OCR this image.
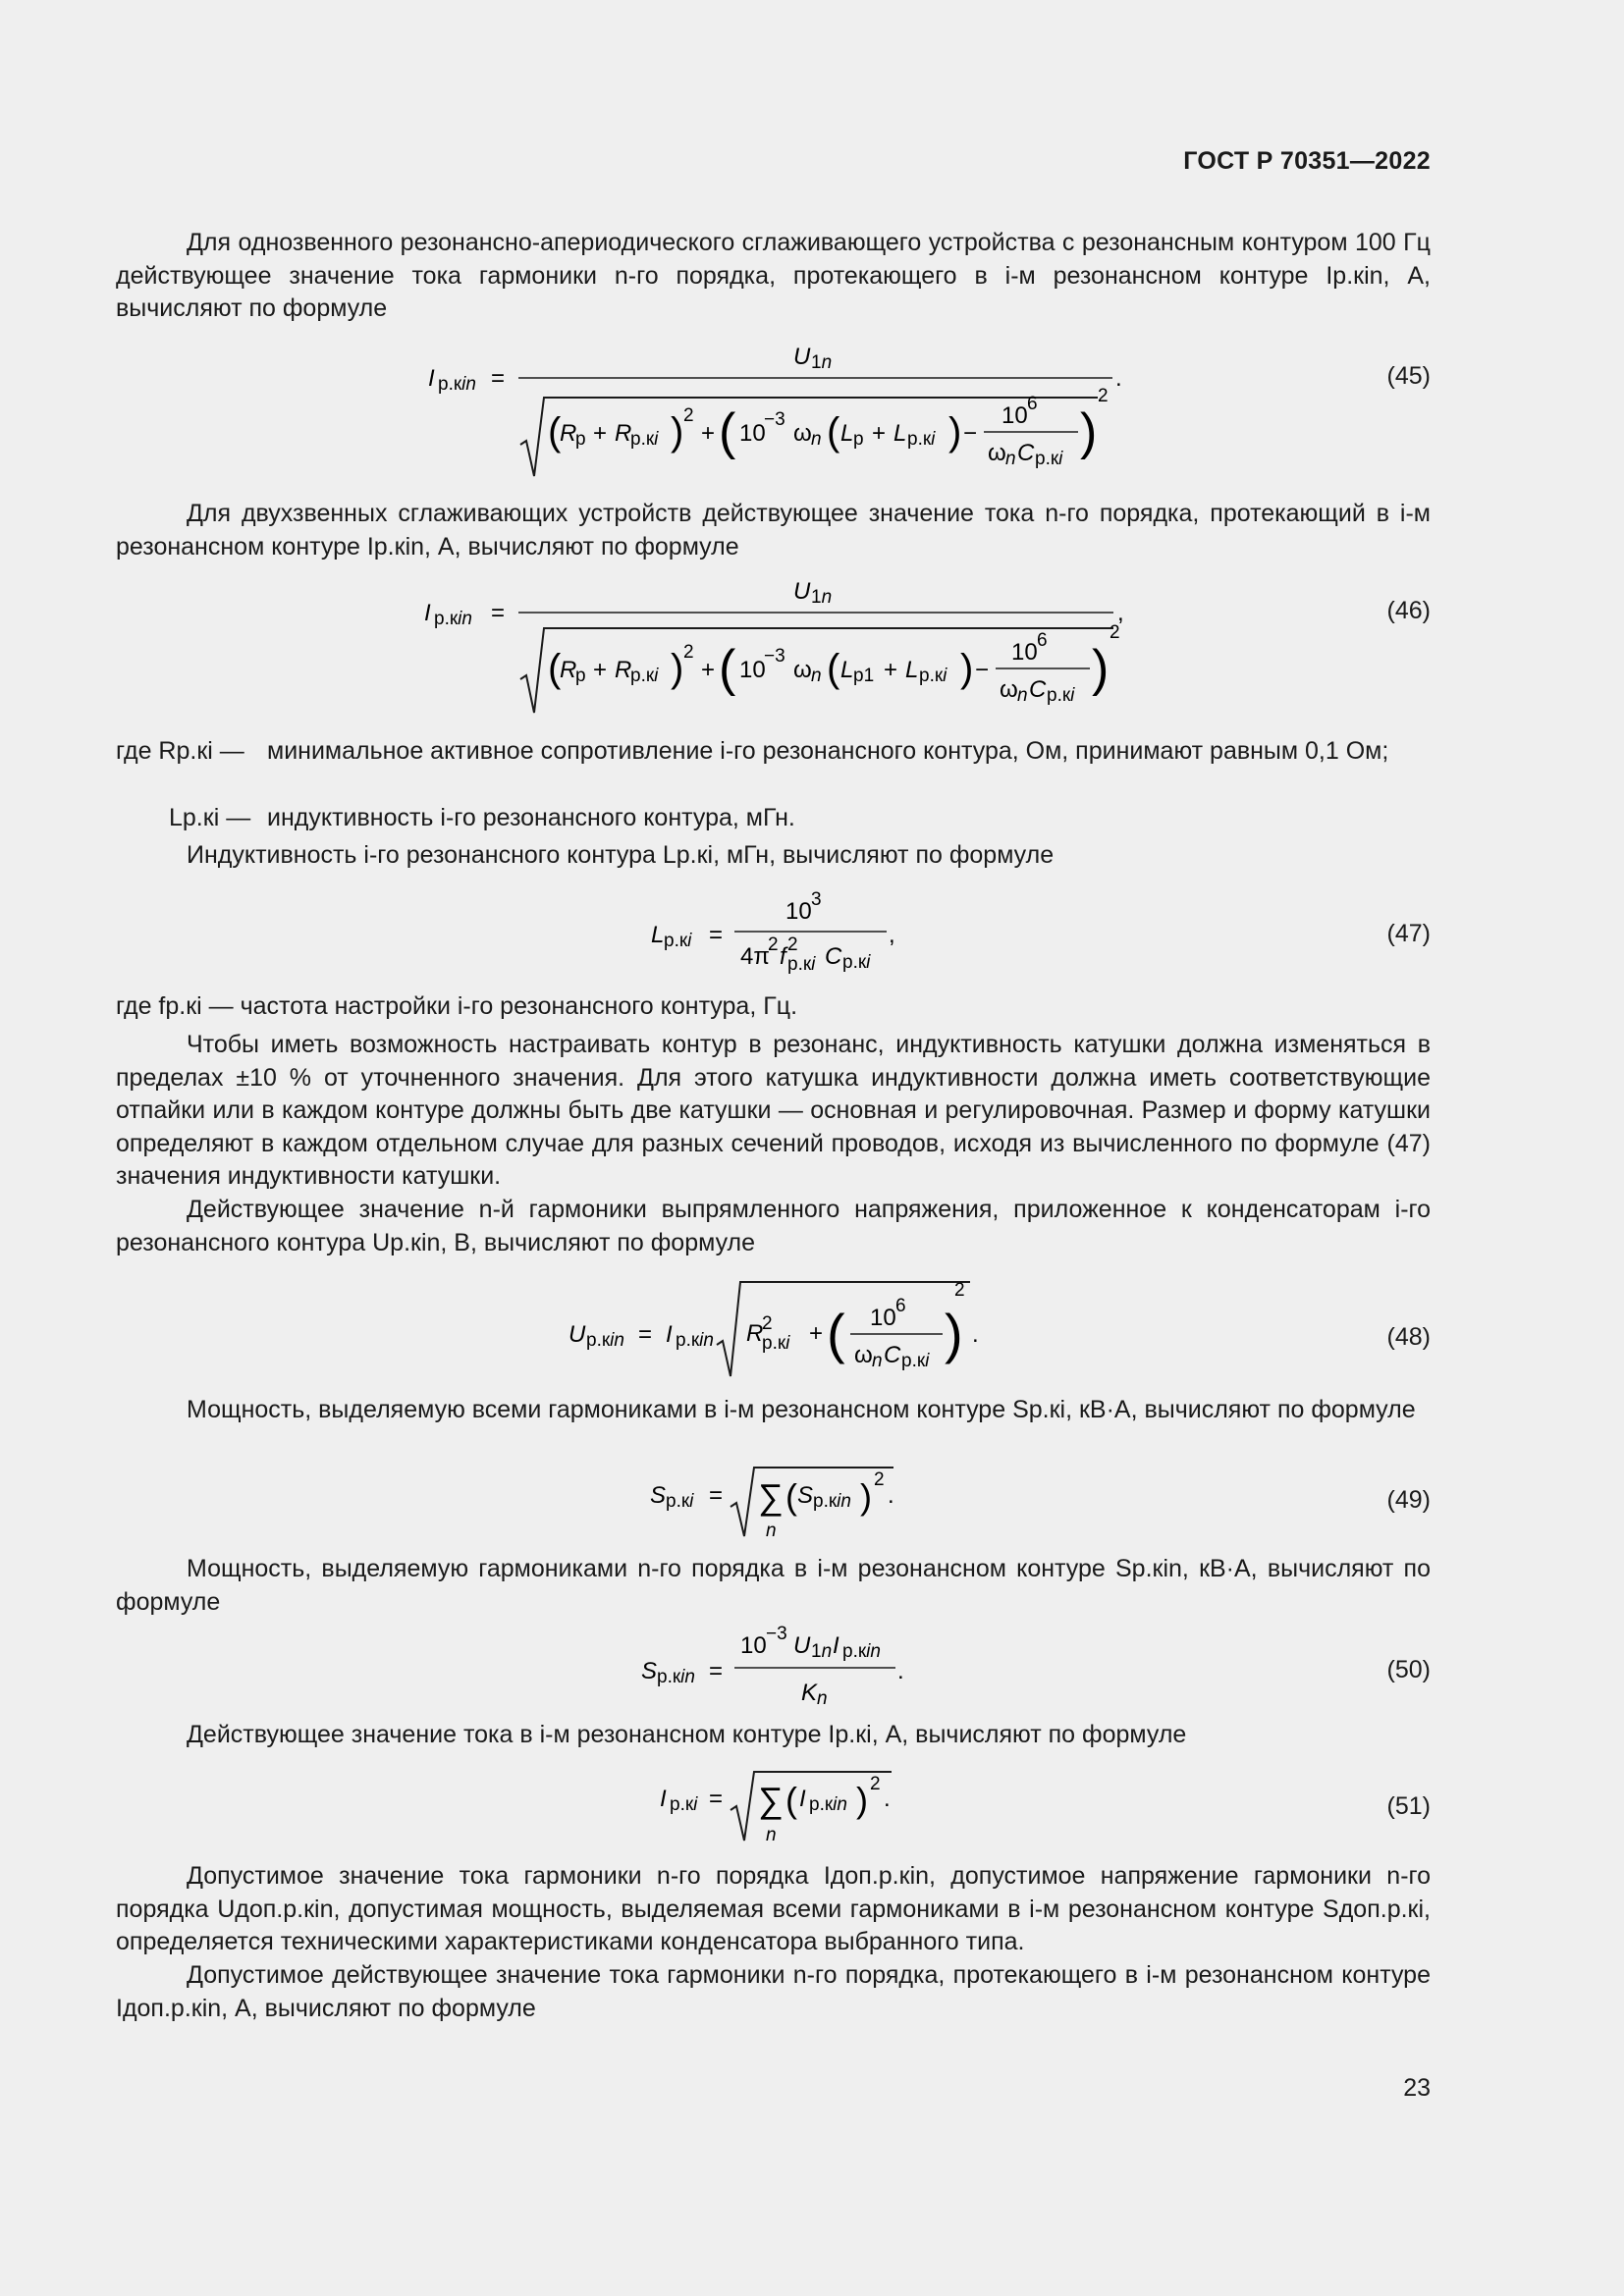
ГОСТ Р 70351—2022

Для однозвенного резонансно-апериодического сглаживающего устройства с резонансным контуром 100 Гц действующее значение тока гармоники n-го порядка, протекающего в i-м резонансном контуре Iр.кin, А, вычисляют по формуле

I р.кin =
U 1n
(
R
р + R
р.кi ) 2
+ ( 10
−3
ω n ( L р + L р.кi ) −
10 6
ω n C р.кi )
2
.	(45)

Для двухзвенных сглаживающих устройств действующее значение тока n-го порядка, протекающий в i-м резонансном контуре Iр.кin, А, вычисляют по формуле

I р.кin =
U 1n
(
R
р + R
р.кi ) 2
+ ( 10
−3
ω n ( L р1 + L р.кi ) −
10 6
ω n C р.кi )
2
,	(46)
где Rр.кi — минимальное активное сопротивление i-го резонансного контура, Ом, принимают равным 0,1 Ом;
Lр.кi — индуктивность i-го резонансного контура, мГн.

Индуктивность i-го резонансного контура Lр.кi, мГн, вычисляют по формуле

L р.кi =
10 3
4π
2 f 2
р.кi C р.кi
,	(47)
где fр.кi — частота настройки i-го резонансного контура, Гц.

Чтобы иметь возможность настраивать контур в резонанс, индуктивность катушки должна изменяться в пределах ±10 % от уточненного значения. Для этого катушка индуктивности должна иметь соответствующие отпайки или в каждом контуре должны быть две катушки — основная и регулировочная. Размер и форму катушки определяют в каждом отдельном случае для разных сечений проводов, исходя из вычисленного по формуле (47) значения индуктивности катушки.

Действующее значение n-й гармоники выпрямленного напряжения, приложенное к конденсаторам i-го резонансного контура Uр.кin, В, вычисляют по формуле

U р.кin = I р.кin R
2
р.кi + ( 10 6
ω n C р.кi )
2
.	(48)

Мощность, выделяемую всеми гармониками в i-м резонансном контуре Sр.кi, кВ·А, вычисляют по формуле

S р.кi = ∑
n
( S р.кin ) 2
.	(49)

Мощность, выделяемую гармониками n-го порядка в i-м резонансном контуре Sр.кin, кВ·А, вычисляют по формуле

S р.кin =
10 −3 U 1n I р.кin
K n
.	(50)

Действующее значение тока в i-м резонансном контуре Iр.кi, А, вычисляют по формуле

I р.кi = ∑
n
( I р.кin ) 2
.	(51)

Допустимое значение тока гармоники n-го порядка Iдоп.р.кin, допустимое напряжение гармоники n-го порядка Uдоп.р.кin, допустимая мощность, выделяемая всеми гармониками в i-м резонансном контуре Sдоп.р.кi, определяется техническими характеристиками конденсатора выбранного типа.

Допустимое действующее значение тока гармоники n-го порядка, протекающего в i-м резонансном контуре Iдоп.р.кin, А, вычисляют по формуле

23
